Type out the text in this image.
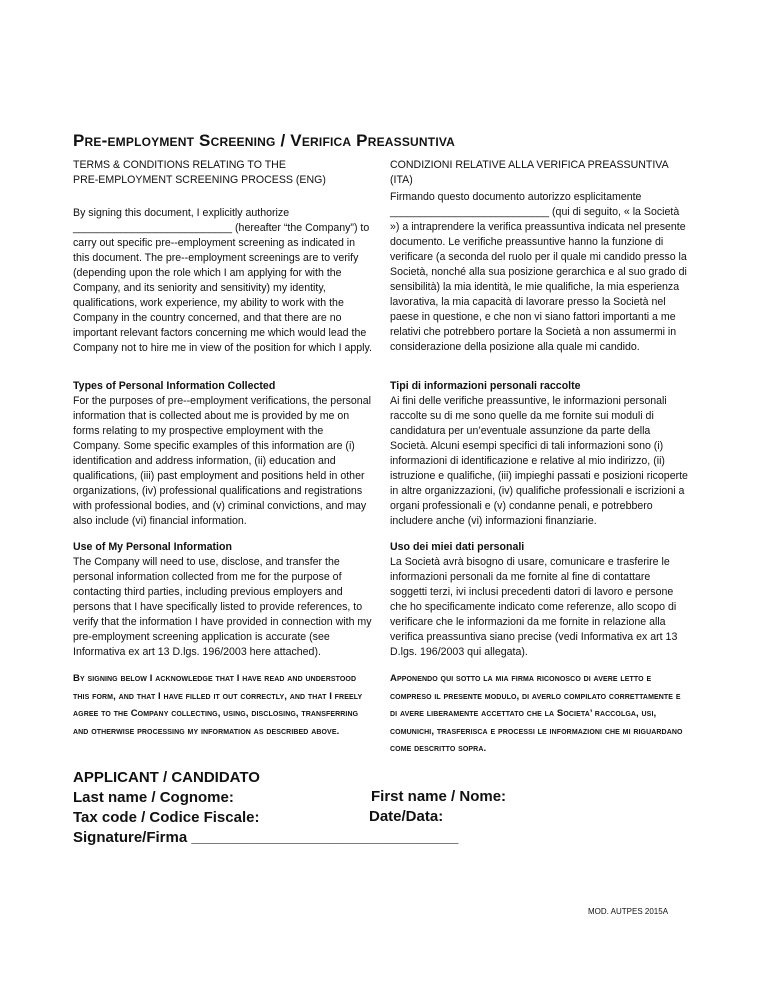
Pre-employment Screening / Verifica Preassuntiva

TERMS & CONDITIONS RELATING TO THE

PRE-EMPLOYMENT SCREENING PROCESS (ENG)

By signing this document, I explicitly authorize ___________________________ (hereafter “the Company”) to carry out specific pre--employment screening as indicated in this document. The pre--employment screenings are to verify (depending upon the role which I am applying for with the Company, and its seniority and sensitivity) my identity, qualifications, work experience, my ability to work with the Company in the country concerned, and that there are no important relevant factors concerning me which would lead the Company not to hire me in view of the position for which I apply.

Types of Personal Information Collected

For the purposes of pre--employment verifications, the personal information that is collected about me is provided by me on forms relating to my prospective employment with the Company. Some specific examples of this information are (i) identification and address information, (ii) education and qualifications, (iii) past employment and positions held in other organizations, (iv) professional qualifications and registrations with professional bodies, and (v) criminal convictions, and may also include (vi) financial information.

Use of My Personal Information

The Company will need to use, disclose, and transfer the personal information collected from me for the purpose of contacting third parties, including previous employers and persons that I have specifically listed to provide references, to verify that the information I have provided in connection with my pre-employment screening application is accurate (see Informativa ex art 13 D.lgs. 196/2003 here attached).

By signing below I acknowledge that I have read and understood this form, and that I have filled it out correctly, and that I freely agree to the Company collecting, using, disclosing, transferring and otherwise processing my information as described above.

CONDIZIONI RELATIVE ALLA VERIFICA PREASSUNTIVA (ITA)

Firmando questo documento autorizzo esplicitamente ___________________________ (qui di seguito, « la Società ») a intraprendere la verifica preassuntiva indicata nel presente documento. Le verifiche preassuntive hanno la funzione di verificare (a seconda del ruolo per il quale mi candido presso la Società, nonché alla sua posizione gerarchica e al suo grado di sensibilità) la mia identità, le mie qualifiche, la mia esperienza lavorativa, la mia capacità di lavorare presso la Società nel paese in questione, e che non vi siano fattori importanti a me relativi che potrebbero portare la Società a non assumermi in considerazione della posizione alla quale mi candido.

Tipi di informazioni personali raccolte

Ai fini delle verifiche preassuntive, le informazioni personali raccolte su di me sono quelle da me fornite sui moduli di candidatura per un’eventuale assunzione da parte della Società. Alcuni esempi specifici di tali informazioni sono (i) informazioni di identificazione e relative al mio indirizzo, (ii) istruzione e qualifiche, (iii) impieghi passati e posizioni ricoperte in altre organizzazioni, (iv) qualifiche professionali e iscrizioni a organi professionali e (v) condanne penali, e potrebbero includere anche (vi) informazioni finanziarie.

Uso dei miei dati personali

La Società avrà bisogno di usare, comunicare e trasferire le informazioni personali da me fornite al fine di contattare soggetti terzi, ivi inclusi precedenti datori di lavoro e persone che ho specificamente indicato come referenze, allo scopo di verificare che le informazioni da me fornite in relazione alla verifica preassuntiva siano precise (vedi Informativa ex art 13 D.lgs. 196/2003 qui allegata).

Apponendo qui sotto la mia firma riconosco di avere letto e compreso il presente modulo, di averlo compilato correttamente e di avere liberamente accettato che la Societa’ raccolga, usi, comunichi, trasferisca e processi le informazioni che mi riguardano come descritto sopra.

APPLICANT / CANDIDATO
Last name / Cognome:
Tax code / Codice Fiscale:
Signature/Firma ________________________________
First name / Nome:
Date/Data:
MOD. AUTPES 2015A
